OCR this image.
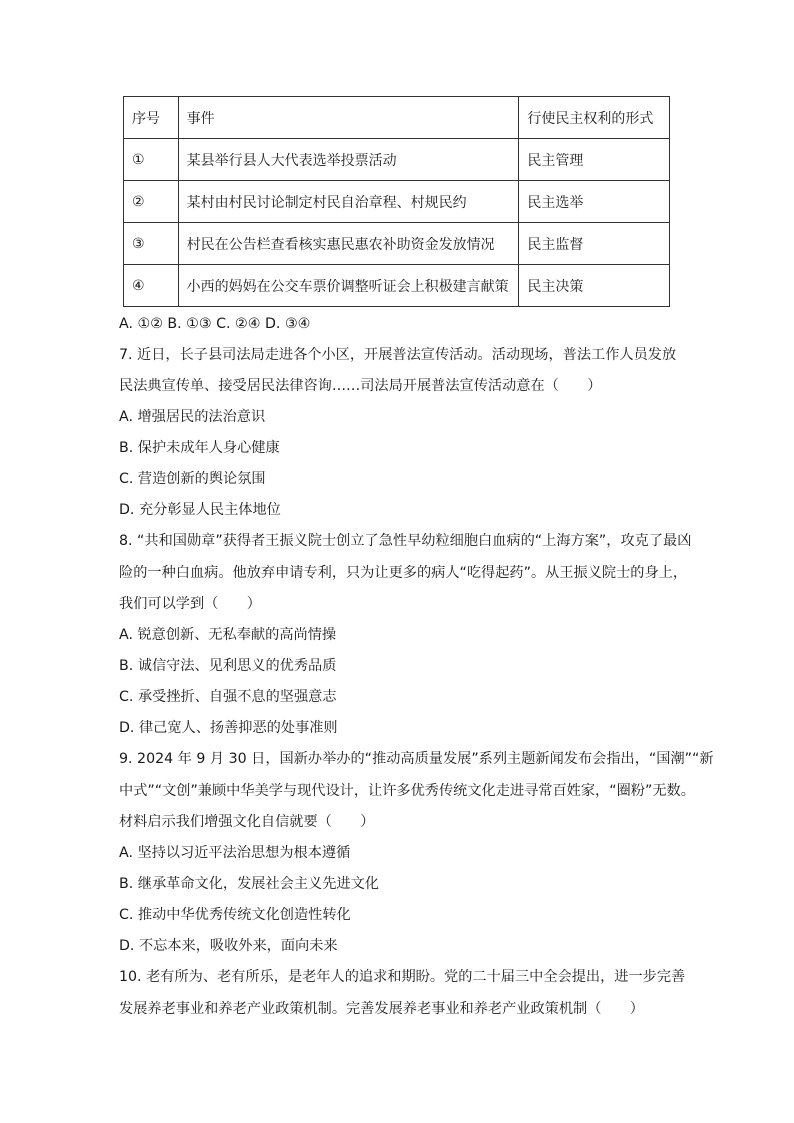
序号	事件	行使民主权利的形式
①	某县举行县人大代表选举投票活动	民主管理
②	某村由村民讨论制定村民自治章程、村规民约	民主选举
③	村民在公告栏查看核实惠民惠农补助资金发放情况	民主监督
④	小西的妈妈在公交车票价调整听证会上积极建言献策	民主决策
A. ①② B. ①③ C. ②④ D. ③④
7. 近日，长子县司法局走进各个小区，开展普法宣传活动。活动现场，普法工作人员发放
民法典宣传单、接受居民法律咨询……司法局开展普法宣传活动意在（　　）
A. 增强居民的法治意识
B. 保护未成年人身心健康
C. 营造创新的舆论氛围
D. 充分彰显人民主体地位
8. “共和国勋章”获得者王振义院士创立了急性早幼粒细胞白血病的“上海方案”，攻克了最凶
险的一种白血病。他放弃申请专利，只为让更多的病人“吃得起药”。从王振义院士的身上，
我们可以学到（　　）
A. 锐意创新、无私奉献的高尚情操
B. 诚信守法、见利思义的优秀品质
C. 承受挫折、自强不息的坚强意志
D. 律己宽人、扬善抑恶的处事准则
9. 2024 年 9 月 30 日，国新办举办的“推动高质量发展”系列主题新闻发布会指出，“国潮”“新
中式”“文创”兼顾中华美学与现代设计，让许多优秀传统文化走进寻常百姓家，“圈粉”无数。
材料启示我们增强文化自信就要（　　）
A. 坚持以习近平法治思想为根本遵循
B. 继承革命文化，发展社会主义先进文化
C. 推动中华优秀传统文化创造性转化
D. 不忘本来，吸收外来，面向未来
10. 老有所为、老有所乐，是老年人的追求和期盼。党的二十届三中全会提出，进一步完善
发展养老事业和养老产业政策机制。完善发展养老事业和养老产业政策机制（　　）
